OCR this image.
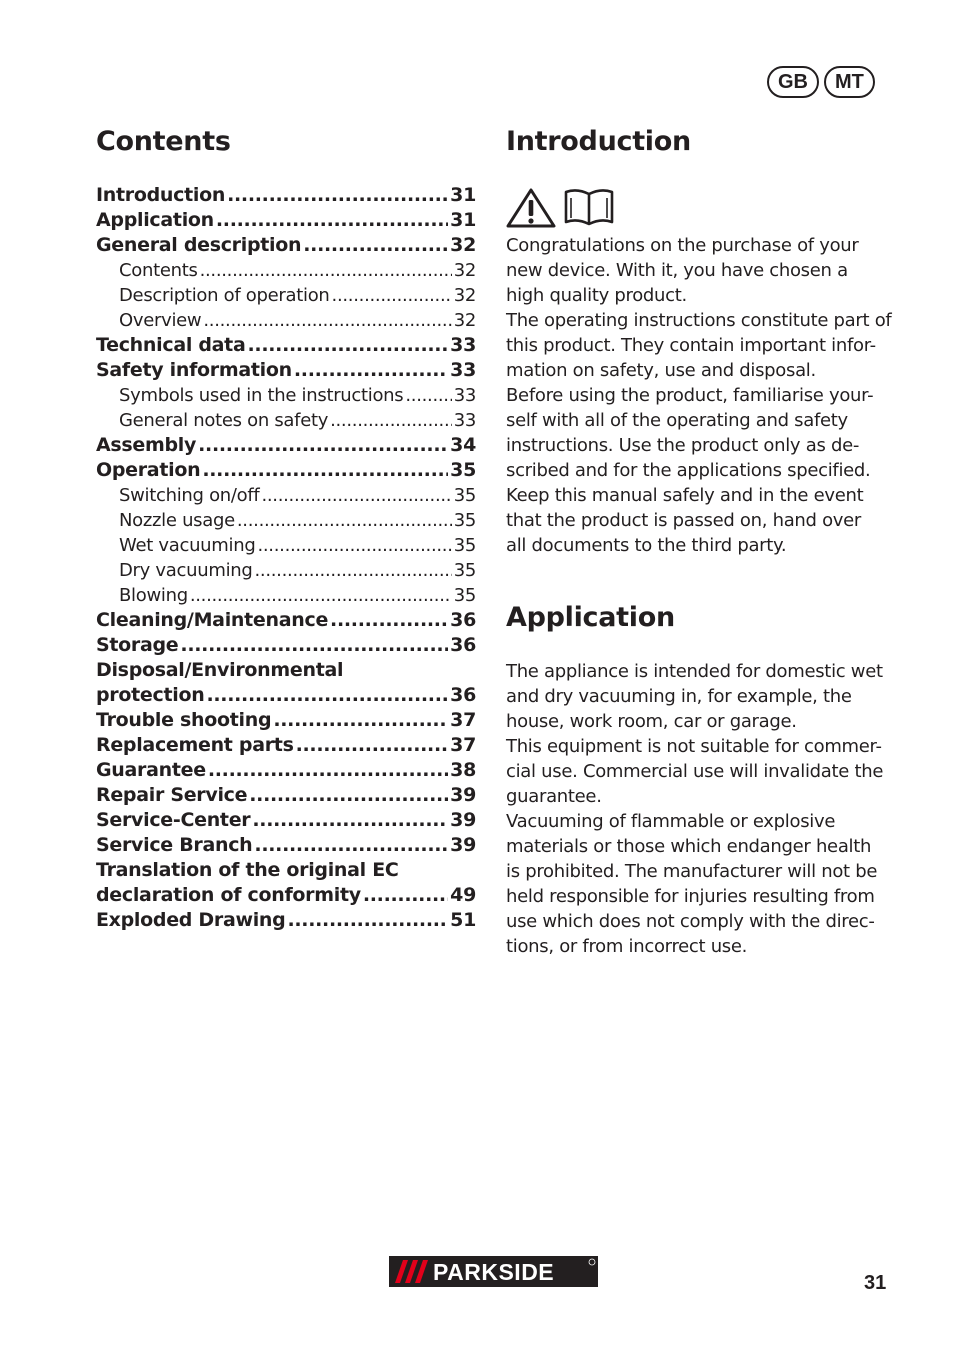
GB	MT
Contents
Introduction .....	31
Application .....	31
General description .....	32
Contents .....	32
Description of operation .....	32
Overview .....	32
Technical data .....	33
Safety information .....	33
Symbols used in the instructions .....	33
General notes on safety .....	33
Assembly .....	34
Operation .....	35
Switching on/off .....	35
Nozzle usage .....	35
Wet vacuuming .....	35
Dry vacuuming .....	35
Blowing .....	35
Cleaning/Maintenance .....	36
Storage .....	36
Disposal/Environmental
protection .....	36
Trouble shooting .....	37
Replacement parts .....	37
Guarantee .....	38
Repair Service .....	39
Service-Center .....	39
Service Branch .....	39
Translation of the original EC
declaration of conformity .....	49
Exploded Drawing .....	51
Introduction

Congratulations on the purchase of your

new device. With it, you have chosen a

high quality product.

The operating instructions constitute part of

this product. They contain important infor-

mation on safety, use and disposal.

Before using the product, familiarise your-

self with all of the operating and safety

instructions. Use the product only as de-

scribed and for the applications specified.

Keep this manual safely and in the event

that the product is passed on, hand over

all documents to the third party.

Application

The appliance is intended for domestic wet

and dry vacuuming in, for example, the

house, work room, car or garage.

This equipment is not suitable for commer-

cial use. Commercial use will invalidate the

guarantee.

Vacuuming of flammable or explosive

materials or those which endanger health

is prohibited. The manufacturer will not be

held responsible for injuries resulting from

use which does not comply with the direc-

tions, or from incorrect use.

PARKSIDE	31
